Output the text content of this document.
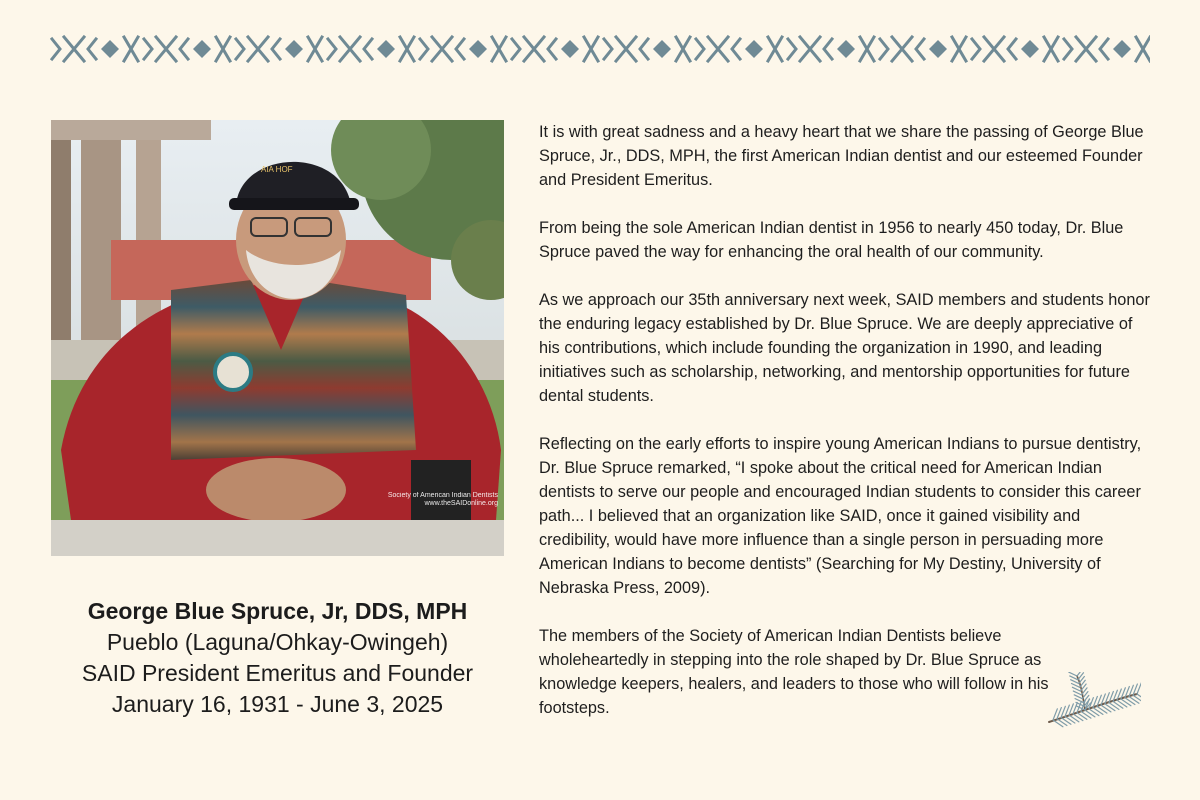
AIA HOF
Society of American Indian Dentists
www.theSAIDonline.org
George Blue Spruce, Jr, DDS, MPH
Pueblo (Laguna/Ohkay-Owingeh)
SAID President Emeritus and Founder
January 16, 1931 - June 3, 2025

It is with great sadness and a heavy heart that we share the passing of George Blue Spruce, Jr., DDS, MPH, the first American Indian dentist and our esteemed Founder and President Emeritus.

From being the sole American Indian dentist in 1956 to nearly 450 today, Dr. Blue Spruce paved the way for enhancing the oral health of our community.

As we approach our 35th anniversary next week, SAID members and students honor the enduring legacy established by Dr. Blue Spruce. We are deeply appreciative of his contributions, which include founding the organization in 1990, and leading initiatives such as scholarship, networking, and mentorship opportunities for future dental students.

Reflecting on the early efforts to inspire young American Indians to pursue dentistry, Dr. Blue Spruce remarked, “I spoke about the critical need for American Indian dentists to serve our people and encouraged Indian students to consider this career path... I believed that an organization like SAID, once it gained visibility and credibility, would have more influence than a single person in persuading more American Indians to become dentists” (Searching for My Destiny, University of Nebraska Press, 2009).

The members of the Society of American Indian Dentists believe wholeheartedly in stepping into the role shaped by Dr. Blue Spruce as knowledge keepers, healers, and leaders to those who will follow in his footsteps.
